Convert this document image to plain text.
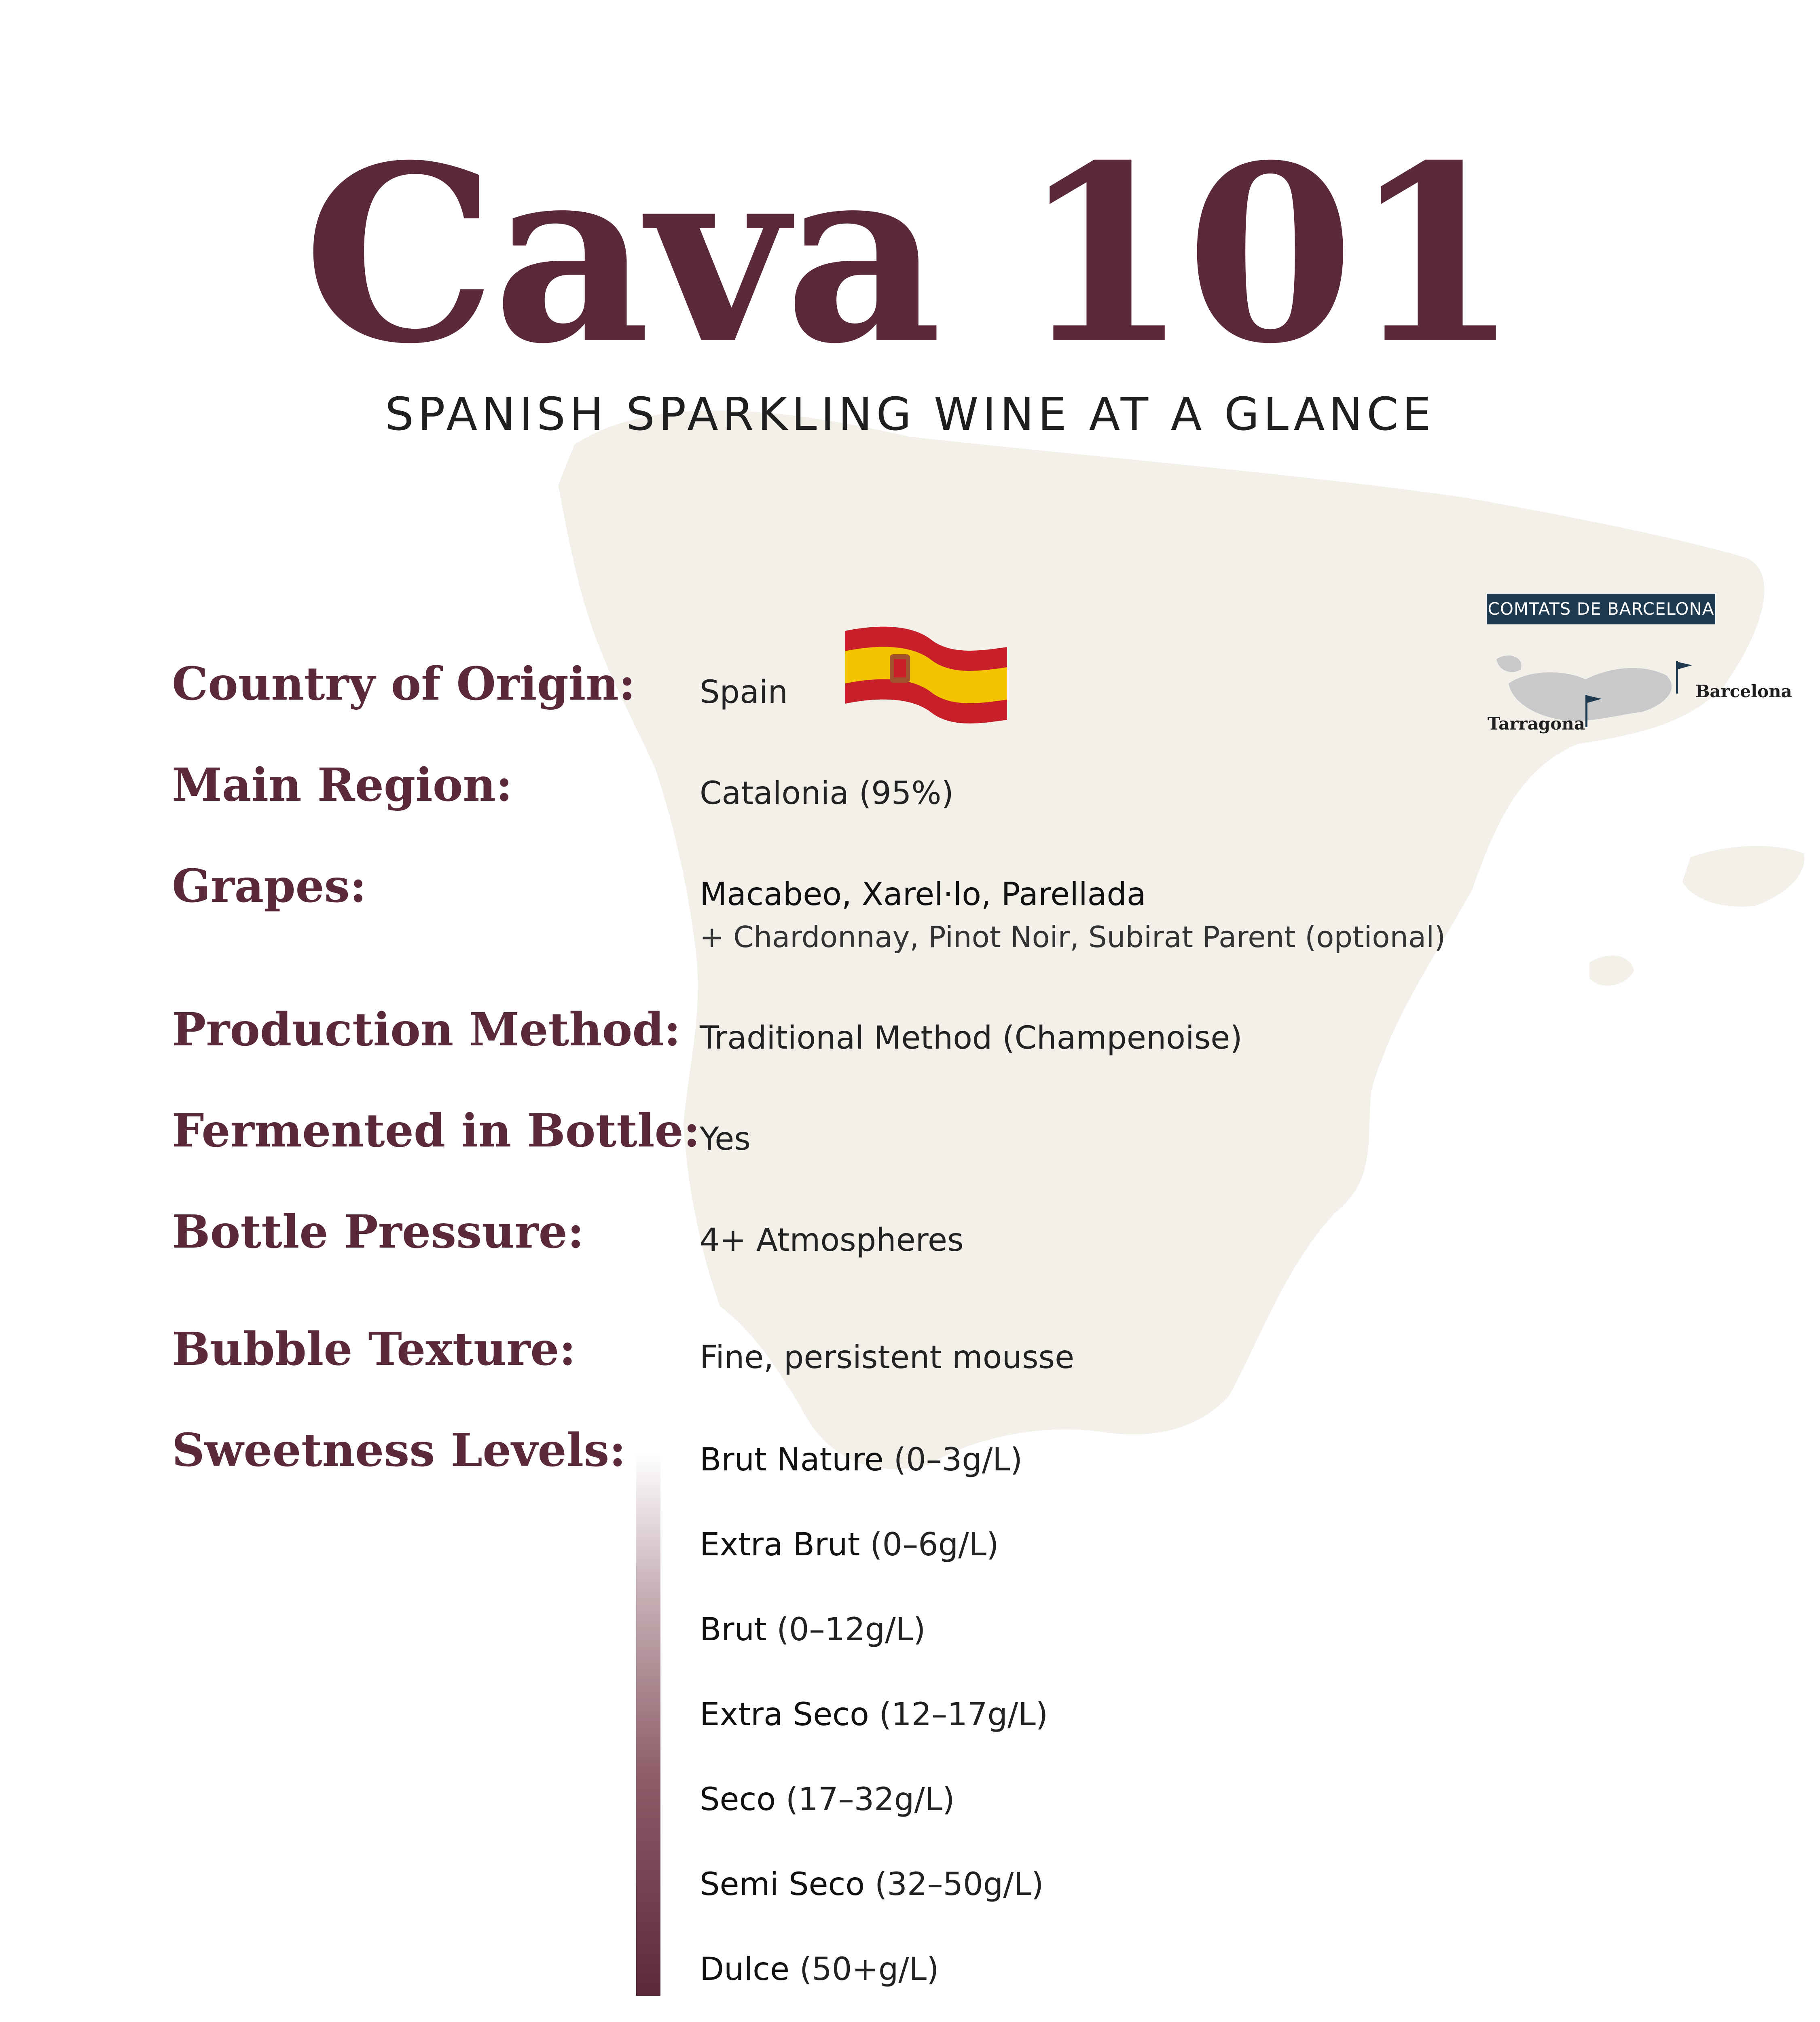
Cava 101
SPANISH SPARKLING WINE AT A GLANCE
COMTATS DE BARCELONA
Barcelona
Tarragona
Country of Origin:
Main Region:
Grapes:
Production Method:
Fermented in Bottle:
Bottle Pressure:
Bubble Texture:
Sweetness Levels:
Spain
Catalonia (95%)
Macabeo, Xarel·lo, Parellada
+ Chardonnay, Pinot Noir, Subirat Parent (optional)
Traditional Method (Champenoise)
Yes
4+ Atmospheres
Fine, persistent mousse
Brut Nature (0–3g/L)
Extra Brut (0–6g/L)
Brut (0–12g/L)
Extra Seco (12–17g/L)
Seco (17–32g/L)
Semi Seco (32–50g/L)
Dulce (50+g/L)
